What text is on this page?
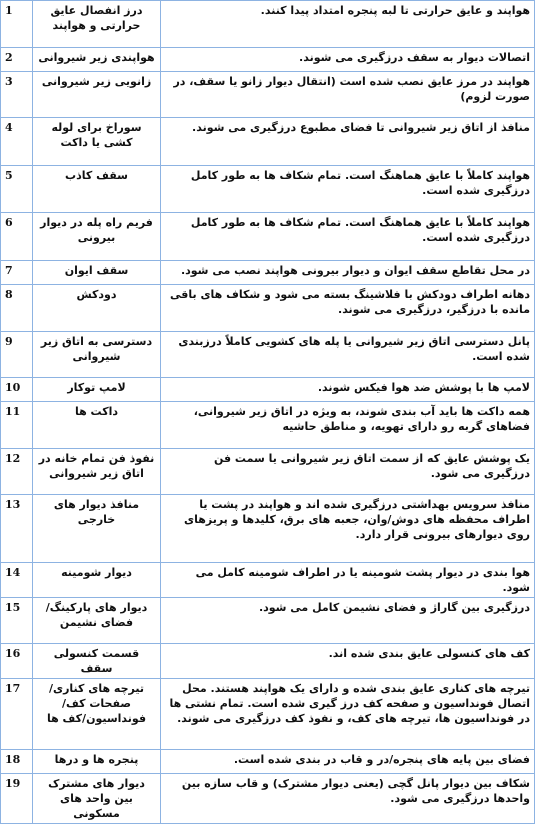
1	درز انفصال عایق حرارتی و هواپند	هواپند و عایق حرارتی تا لبه پنجره امتداد پیدا کنند.
2	هواپندی زیر شیروانی	اتصالات دیوار به سقف درزگیری می شوند.
3	زانویی زیر شیروانی	هواپند در مرز عایق نصب شده است (انتقال دیوار زانو یا سقف، در صورت لزوم)
4	سوراخ برای لوله کشی یا داکت	منافذ از اتاق زیر شیروانی تا فضای مطبوع درزگیری می شوند.
5	سقف کاذب	هواپند کاملاً با عایق هماهنگ است. تمام شکاف ها به طور کامل درزگیری شده است.
6	فریم راه پله در دیوار بیرونی	هواپند کاملاً با عایق هماهنگ است. تمام شکاف ها به طور کامل درزگیری شده است.
7	سقف ایوان	در محل تقاطع سقف ایوان و دیوار بیرونی هواپند نصب می شود.
8	دودکش	دهانه اطراف دودکش با فلاشینگ بسته می شود و شکاف های باقی مانده با درزگیر، درزگیری می شوند.
9	دسترسی به اتاق زیر شیروانی	پانل دسترسی اتاق زیر شیروانی یا پله های کشویی کاملاً درزبندی شده است.
10	لامپ توکار	لامپ ها با پوشش ضد هوا فیکس شوند.
11	داکت ها	همه داکت ها باید آب بندی شوند، به ویژه در اتاق زیر شیروانی، فضاهای گربه رو دارای تهویه، و مناطق حاشیه
12	نفوذ فن تمام خانه در اتاق زیر شیروانی	یک پوشش عایق که از سمت اتاق زیر شیروانی یا سمت فن درزگیری می شود.
13	منافذ دیوار های خارجی	منافذ سرویس بهداشتی درزگیری شده اند و هواپند در پشت یا اطراف محفظه های دوش/وان، جعبه های برق، کلیدها و پریزهای روی دیوارهای بیرونی قرار دارد.
14	دیوار شومینه	هوا بندی در دیوار پشت شومینه یا در اطراف شومینه کامل می شود.
15	دیوار های پارکینگ/فضای نشیمن	درزگیری بین گاراژ و فضای نشیمن کامل می شود.
16	قسمت کنسولی سقف	کف های کنسولی عایق بندی شده اند.
17	تیرچه های کناری/صفحات کف/فونداسیون/کف ها	تیرچه های کناری عایق بندی شده و دارای یک هواپند هستند. محل اتصال فونداسیون و صفحه کف درز گیری شده است. تمام نشتی ها در فونداسیون ها، تیرچه های کف، و نفوذ کف درزگیری می شوند.
18	پنجره ها و درها	فضای بین پایه های پنجره/در و قاب در بندی شده است.
19	دیوار های مشترک بین واحد های مسکونی	شکاف بین دیوار پانل گچی (یعنی دیوار مشترک) و قاب سازه بین واحدها درزگیری می شود.
